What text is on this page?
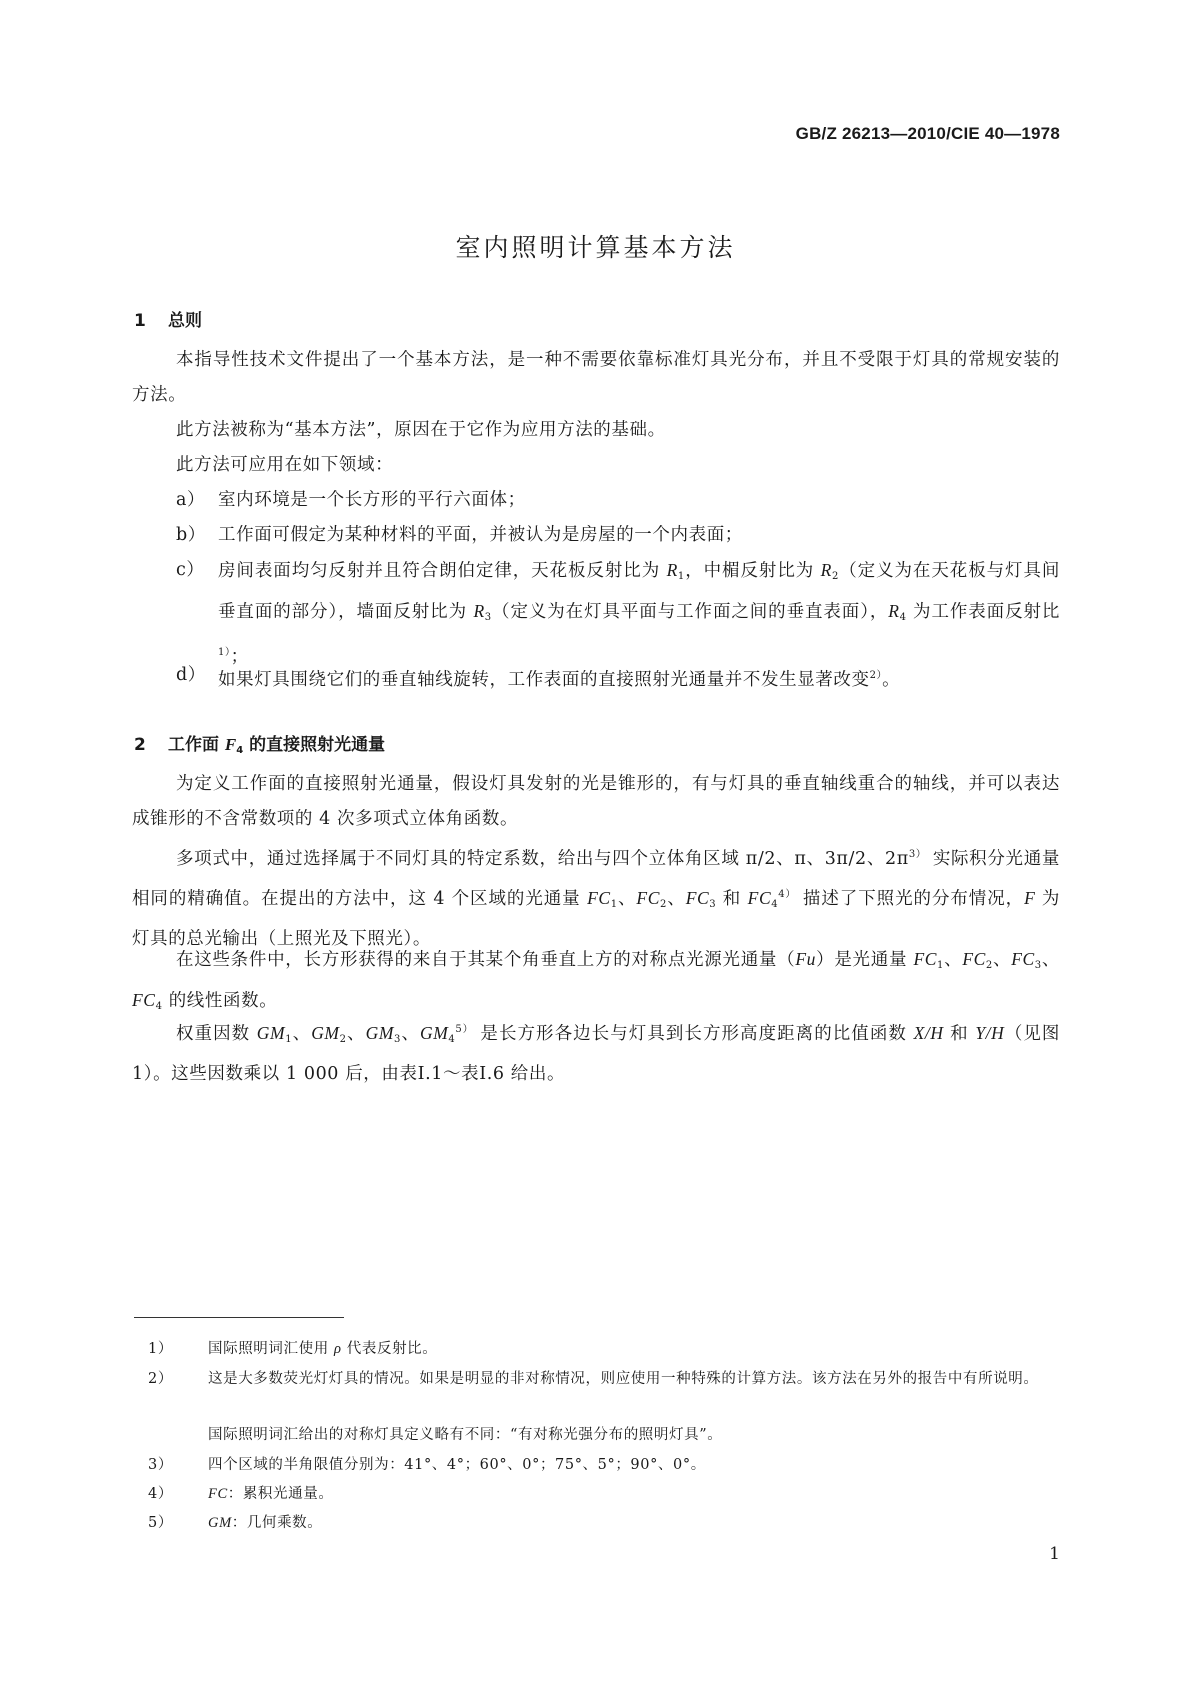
GB/Z 26213—2010/CIE 40—1978
室内照明计算基本方法
1 总则
本指导性技术文件提出了一个基本方法，是一种不需要依靠标准灯具光分布，并且不受限于灯具的常规安装的方法。
此方法被称为“基本方法”，原因在于它作为应用方法的基础。
此方法可应用在如下领域：
a） 室内环境是一个长方形的平行六面体；
b） 工作面可假定为某种材料的平面，并被认为是房屋的一个内表面；
c） 房间表面均匀反射并且符合朗伯定律，天花板反射比为 $R_1$，中楣反射比为 $R_2$（定义为在天花板与灯具间垂直面的部分），墙面反射比为 $R_3$（定义为在灯具平面与工作面之间的垂直表面），$R_4$ 为工作表面反射比$^{1)}$；
d） 如果灯具围绕它们的垂直轴线旋转，工作表面的直接照射光通量并不发生显著改变$^{2)}$。
2 工作面 $F_4$ 的直接照射光通量
为定义工作面的直接照射光通量，假设灯具发射的光是锥形的，有与灯具的垂直轴线重合的轴线，并可以表达成锥形的不含常数项的 4 次多项式立体角函数。
多项式中，通过选择属于不同灯具的特定系数，给出与四个立体角区域 π/2、π、3π/2、$2\pi^{3)}$ 实际积分光通量相同的精确值。在提出的方法中，这 4 个区域的光通量 $FC_1$、$FC_2$、$FC_3$ 和 $FC_4^{4)}$ 描述了下照光的分布情况，F 为灯具的总光输出（上照光及下照光）。
在这些条件中，长方形获得的来自于其某个角垂直上方的对称点光源光通量（Fu）是光通量 $FC_1$、$FC_2$、$FC_3$、$FC_4$ 的线性函数。
权重因数 $GM_1$、$GM_2$、$GM_3$、$GM_4^{5)}$ 是长方形各边长与灯具到长方形高度距离的比值函数 X/H 和 Y/H（见图 1）。这些因数乘以 1 000 后，由表Ⅰ.1～表Ⅰ.6 给出。
1）	国际照明词汇使用 ρ 代表反射比。
2）	这是大多数荧光灯灯具的情况。如果是明显的非对称情况，则应使用一种特殊的计算方法。该方法在另外的报告中有所说明。
国际照明词汇给出的对称灯具定义略有不同：“有对称光强分布的照明灯具”。
3）	四个区域的半角限值分别为：41°、4°；60°、0°；75°、5°；90°、0°。
4）	FC：累积光通量。
5）	GM：几何乘数。
1
